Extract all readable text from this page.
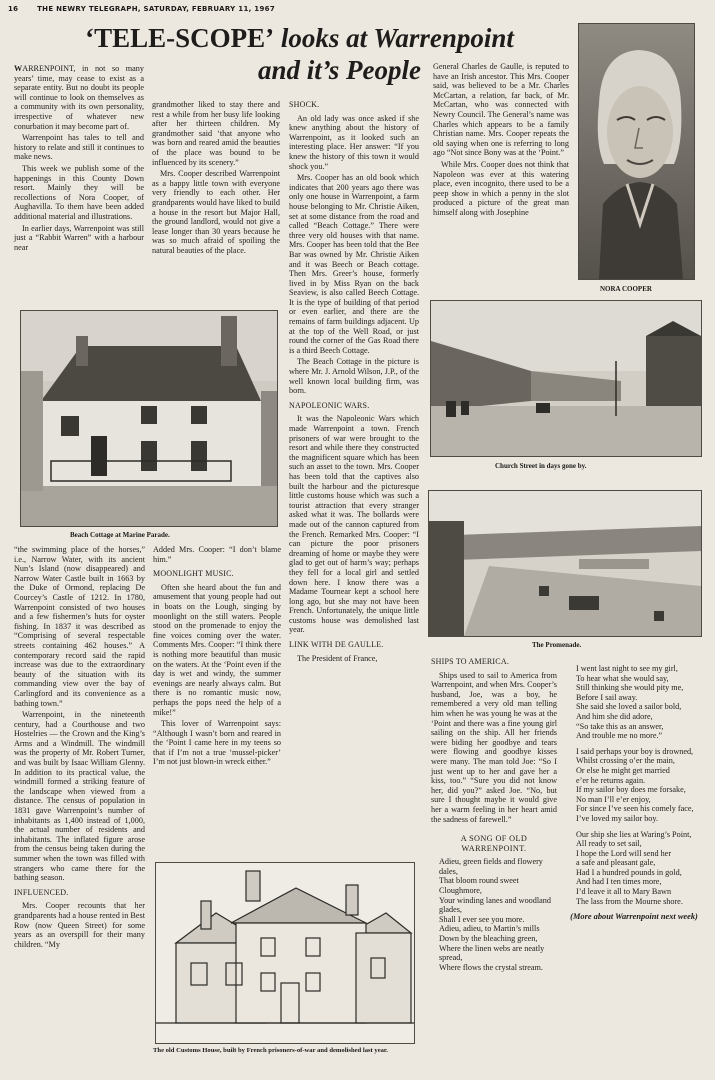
16	THE NEWRY TELEGRAPH, SATURDAY, FEBRUARY 11, 1967
‘TELE-SCOPE’ looks at Warrenpoint
and it’s People
NORA COOPER

WARRENPOINT, in not so many years’ time, may cease to exist as a separate entity. But no doubt its people will continue to look on themselves as a community with its own personality, irrespective of whatever new conurbation it may become part of.

Warrenpoint has tales to tell and history to relate and still it continues to make news.

This week we publish some of the happenings in this County Down resort. Mainly they will be recollections of Nora Cooper, of Aughavilla. To them have been added additional material and illustrations.

In earlier days, Warrenpoint was still just a “Rabbit Warren” with a harbour near

grandmother liked to stay there and rest a while from her busy life looking after her thirteen children. My grandmother said ‘that anyone who was born and reared amid the beauties of the place was bound to be influenced by its scenery.”

Mrs. Cooper described Warrenpoint as a happy little town with everyone very friendly to each other. Her grandparents would have liked to build a house in the resort but Major Hall, the ground landlord, would not give a lease longer than 30 years because he was so much afraid of spoiling the natural beauties of the place.

SHOCK.

An old lady was once asked if she knew anything about the history of Warrenpoint, as it looked such an interesting place. Her answer: “If you knew the history of this town it would shock you.”

Mrs. Cooper has an old book which indicates that 200 years ago there was only one house in Warrenpoint, a farm house belonging to Mr. Christie Aiken, set at some distance from the road and called “Beach Cottage.” There were three very old houses with that name. Mrs. Cooper has been told that the Bee Bar was owned by Mr. Christie Aiken and it was Beech or Beach cottage. Then Mrs. Greer’s house, formerly lived in by Miss Ryan on the back Seaview, is also called Beech Cottage. It is the type of building of that period or even earlier, and there are the remains of farm buildings adjacent. Up at the top of the Well Road, or just round the corner of the Gas Road there is a third Beech Cottage.

The Beach Cottage in the picture is where Mr. J. Arnold Wilson, J.P., of the well known local building firm, was born.

NAPOLEONIC WARS.

It was the Napoleonic Wars which made Warrenpoint a town. French prisoners of war were brought to the resort and while there they constructed the magnificent square which has been such an asset to the town. Mrs. Cooper has been told that the captives also built the harbour and the picturesque little customs house which was such a tourist attraction that every stranger asked what it was. The bollards were made out of the cannon captured from the French. Remarked Mrs. Cooper: “I can picture the poor prisoners dreaming of home or maybe they were glad to get out of harm’s way; perhaps they fell for a local girl and settled down here. I know there was a Madame Tournear kept a school here long ago, but she may not have been French. Unfortunately, the unique little customs house was demolished last year.

LINK WITH DE GAULLE.

The President of France,

General Charles de Gaulle, is reputed to have an Irish ancestor. This Mrs. Cooper said, was believed to be a Mr. Charles McCartan, a relation, far back, of Mr. McCartan, who was connected with Newry Council. The General’s name was Charles which appears to be a family Christian name. Mrs. Cooper repeats the old saying when one is referring to long ago “Not since Bony was at the ‘Point.”

While Mrs. Cooper does not think that Napoleon was ever at this watering place, even incognito, there used to be a peep show in which a penny in the slot produced a picture of the great man himself along with Josephine

Beach Cottage at Marine Parade.
Church Street in days gone by.
The Promenade.

“the swimming place of the horses,” i.e., Narrow Water, with its ancient Nun’s Island (now disappeared) and Narrow Water Castle built in 1663 by the Duke of Ormond, replacing De Courcey’s Castle of 1212. In 1780, Warrenpoint consisted of two houses and a few fishermen’s huts for oyster fishing. In 1837 it was described as “Comprising of several respectable streets containing 462 houses.” A contemporary record said the rapid increase was due to the extraordinary beauty of the situation with its commanding view over the bay of Carlingford and its convenience as a bathing town.”

Warrenpoint, in the nineteenth century, had a Courthouse and two Hostelries — the Crown and the King’s Arms and a Windmill. The windmill was the property of Mr. Robert Turner, and was built by Isaac William Glenny. In addition to its practical value, the windmill formed a striking feature of the landscape when viewed from a distance. The census of population in 1831 gave Warrenpoint’s number of inhabitants as 1,400 instead of 1,000, the actual number of residents and inhabitants. The inflated figure arose from the census being taken during the summer when the town was filled with strangers who came there for the bathing season.

INFLUENCED.

Mrs. Cooper recounts that her grandparents had a house rented in Best Row (now Queen Street) for some years as an overspill for their many children. “My

Added Mrs. Cooper: “I don’t blame him.”

MOONLIGHT MUSIC.

Often she heard about the fun and amusement that young people had out in boats on the Lough, singing by moonlight on the still waters. People stood on the promenade to enjoy the fine voices coming over the water. Comments Mrs. Cooper: “I think there is nothing more beautiful than music on the waters. At the ‘Point even if the day is wet and windy, the summer evenings are nearly always calm. But there is no romantic music now, perhaps the pops need the help of a mike!”

This lover of Warrenpoint says: “Although I wasn’t born and reared in the ‘Point I came here in my teens so that if I’m not a true ‘mussel-picker’ I’m not just blown-in wreck either.”

The old Customs House, built by French prisoners-of-war and demolished last year.
SHIPS TO AMERICA.

Ships used to sail to America from Warrenpoint, and when Mrs. Cooper’s husband, Joe, was a boy, he remembered a very old man telling him when he was young he was at the ‘Point and there was a fine young girl sailing on the ship. All her friends were biding her goodbye and tears were flowing and goodbye kisses were many. The man told Joe: “So I just went up to her and gave her a kiss, too.” “Sure you did not know her, did you?” asked Joe. “No, but sure I thought maybe it would give her a warm feeling in her heart amid the sadness of farewell.”

A SONG OF OLD WARRENPOINT.
Adieu, green fields and flowery dales,
That bloom round sweet Cloughmore,
Your winding lanes and woodland glades,
Shall I ever see you more.
Adieu, adieu, to Martin’s mills
Down by the bleaching green,
Where the linen webs are neatly spread,
Where flows the crystal stream.
I went last night to see my girl,
To hear what she would say,
Still thinking she would pity me,
Before I sail away.
She said she loved a sailor bold,
And him she did adore,
“So take this as an answer,
And trouble me no more.”
I said perhaps your boy is drowned,
Whilst crossing o’er the main,
Or else he might get married
e’er he returns again.
If my sailor boy does me forsake,
No man I’ll e’er enjoy,
For since I’ve seen his comely face,
I’ve loved my sailor boy.
Our ship she lies at Waring’s Point,
All ready to set sail,
I hope the Lord will send her
a safe and pleasant gale,
Had I a hundred pounds in gold,
And had I ten times more,
I’d leave it all to Mary Bawn
The lass from the Mourne shore.
(More about Warrenpoint next week)
